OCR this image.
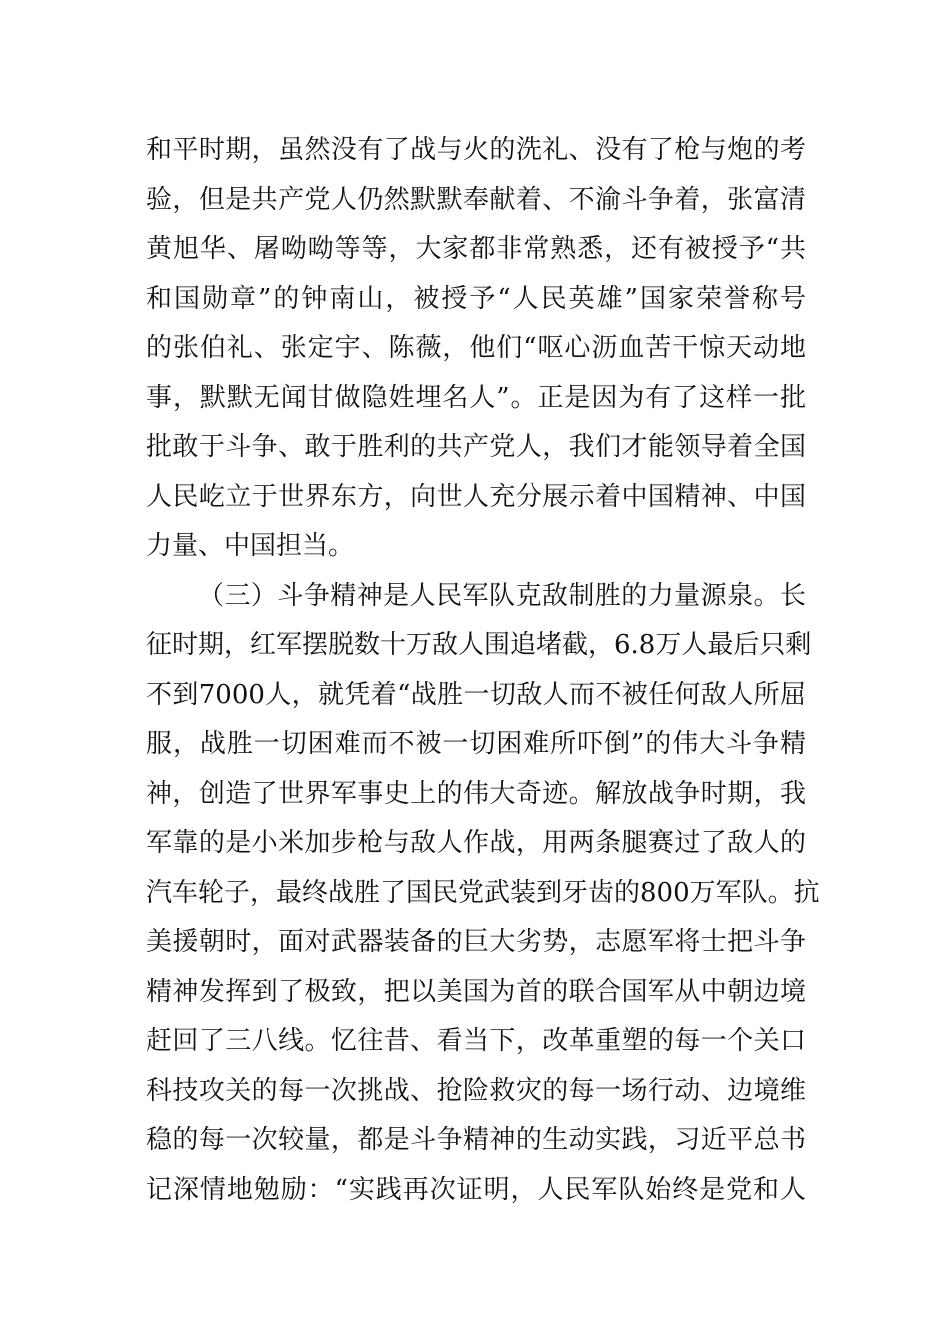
和平时期，虽然没有了战与火的洗礼、没有了枪与炮的考
验，但是共产党人仍然默默奉献着、不渝斗争着，张富清
黄旭华、屠呦呦等等，大家都非常熟悉，还有被授予“共
和国勋章”的钟南山，被授予“人民英雄”国家荣誉称号
的张伯礼、张定宇、陈薇，他们“呕心沥血苦干惊天动地
事，默默无闻甘做隐姓埋名人”。正是因为有了这样一批
批敢于斗争、敢于胜利的共产党人，我们才能领导着全国
人民屹立于世界东方，向世人充分展示着中国精神、中国
力量、中国担当。
（三）斗争精神是人民军队克敌制胜的力量源泉。长
征时期，红军摆脱数十万敌人围追堵截，6.8万人最后只剩
不到7000人，就凭着“战胜一切敌人而不被任何敌人所屈
服，战胜一切困难而不被一切困难所吓倒”的伟大斗争精
神，创造了世界军事史上的伟大奇迹。解放战争时期，我
军靠的是小米加步枪与敌人作战，用两条腿赛过了敌人的
汽车轮子，最终战胜了国民党武装到牙齿的800万军队。抗
美援朝时，面对武器装备的巨大劣势，志愿军将士把斗争
精神发挥到了极致，把以美国为首的联合国军从中朝边境
赶回了三八线。忆往昔、看当下，改革重塑的每一个关口
科技攻关的每一次挑战、抢险救灾的每一场行动、边境维
稳的每一次较量，都是斗争精神的生动实践，习近平总书
记深情地勉励：“实践再次证明，人民军队始终是党和人
